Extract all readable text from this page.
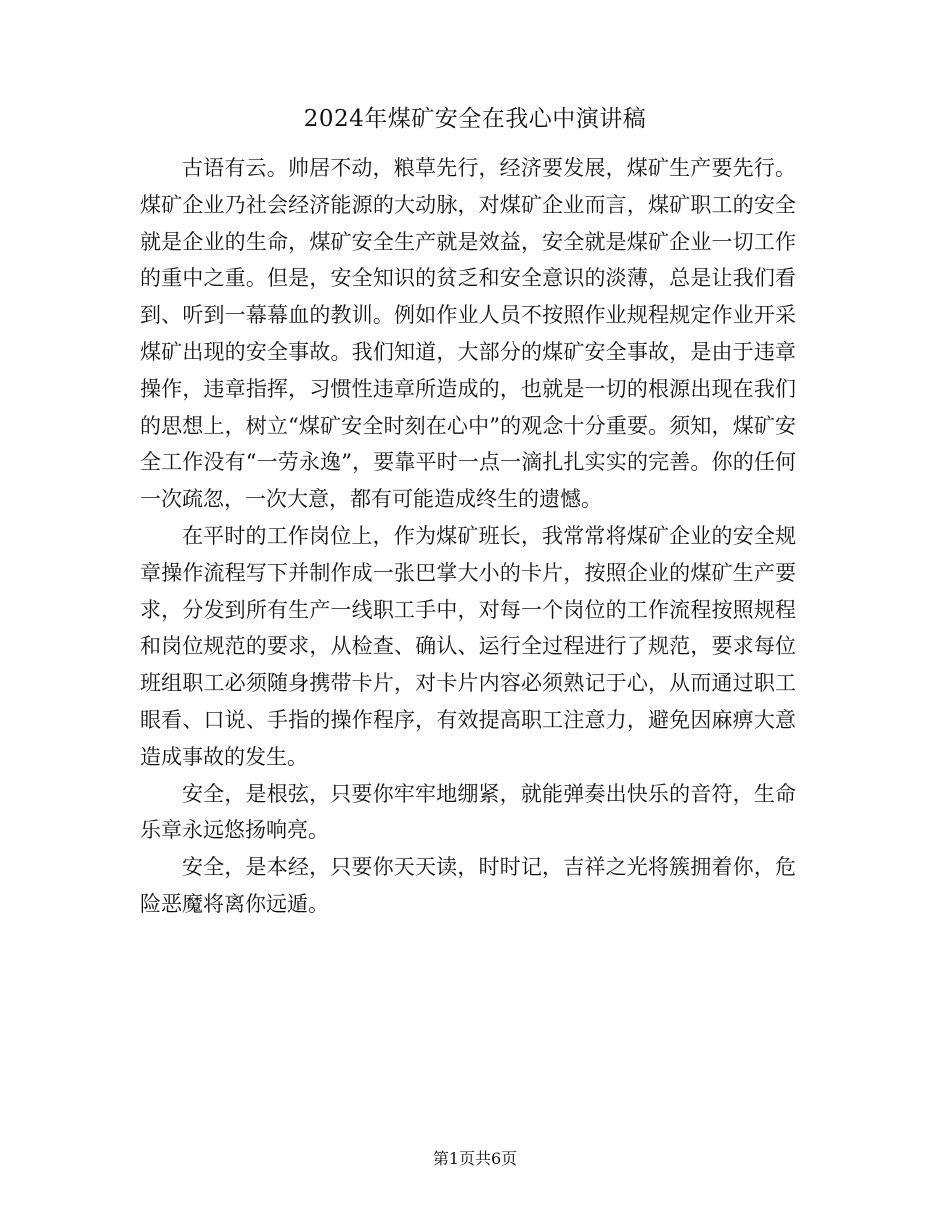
2024年煤矿安全在我心中演讲稿

古语有云。帅居不动，粮草先行，经济要发展，煤矿生产要先行。煤矿企业乃社会经济能源的大动脉，对煤矿企业而言，煤矿职工的安全就是企业的生命，煤矿安全生产就是效益，安全就是煤矿企业一切工作的重中之重。但是，安全知识的贫乏和安全意识的淡薄，总是让我们看到、听到一幕幕血的教训。例如作业人员不按照作业规程规定作业开采煤矿出现的安全事故。我们知道，大部分的煤矿安全事故，是由于违章操作，违章指挥，习惯性违章所造成的，也就是一切的根源出现在我们的思想上，树立“煤矿安全时刻在心中”的观念十分重要。须知，煤矿安全工作没有“一劳永逸”，要靠平时一点一滴扎扎实实的完善。你的任何一次疏忽，一次大意，都有可能造成终生的遗憾。

在平时的工作岗位上，作为煤矿班长，我常常将煤矿企业的安全规章操作流程写下并制作成一张巴掌大小的卡片，按照企业的煤矿生产要求，分发到所有生产一线职工手中，对每一个岗位的工作流程按照规程和岗位规范的要求，从检查、确认、运行全过程进行了规范，要求每位班组职工必须随身携带卡片，对卡片内容必须熟记于心，从而通过职工眼看、口说、手指的操作程序，有效提高职工注意力，避免因麻痹大意造成事故的发生。

安全，是根弦，只要你牢牢地绷紧，就能弹奏出快乐的音符，生命乐章永远悠扬响亮。

安全，是本经，只要你天天读，时时记，吉祥之光将簇拥着你，危险恶魔将离你远遁。

第1页共6页
